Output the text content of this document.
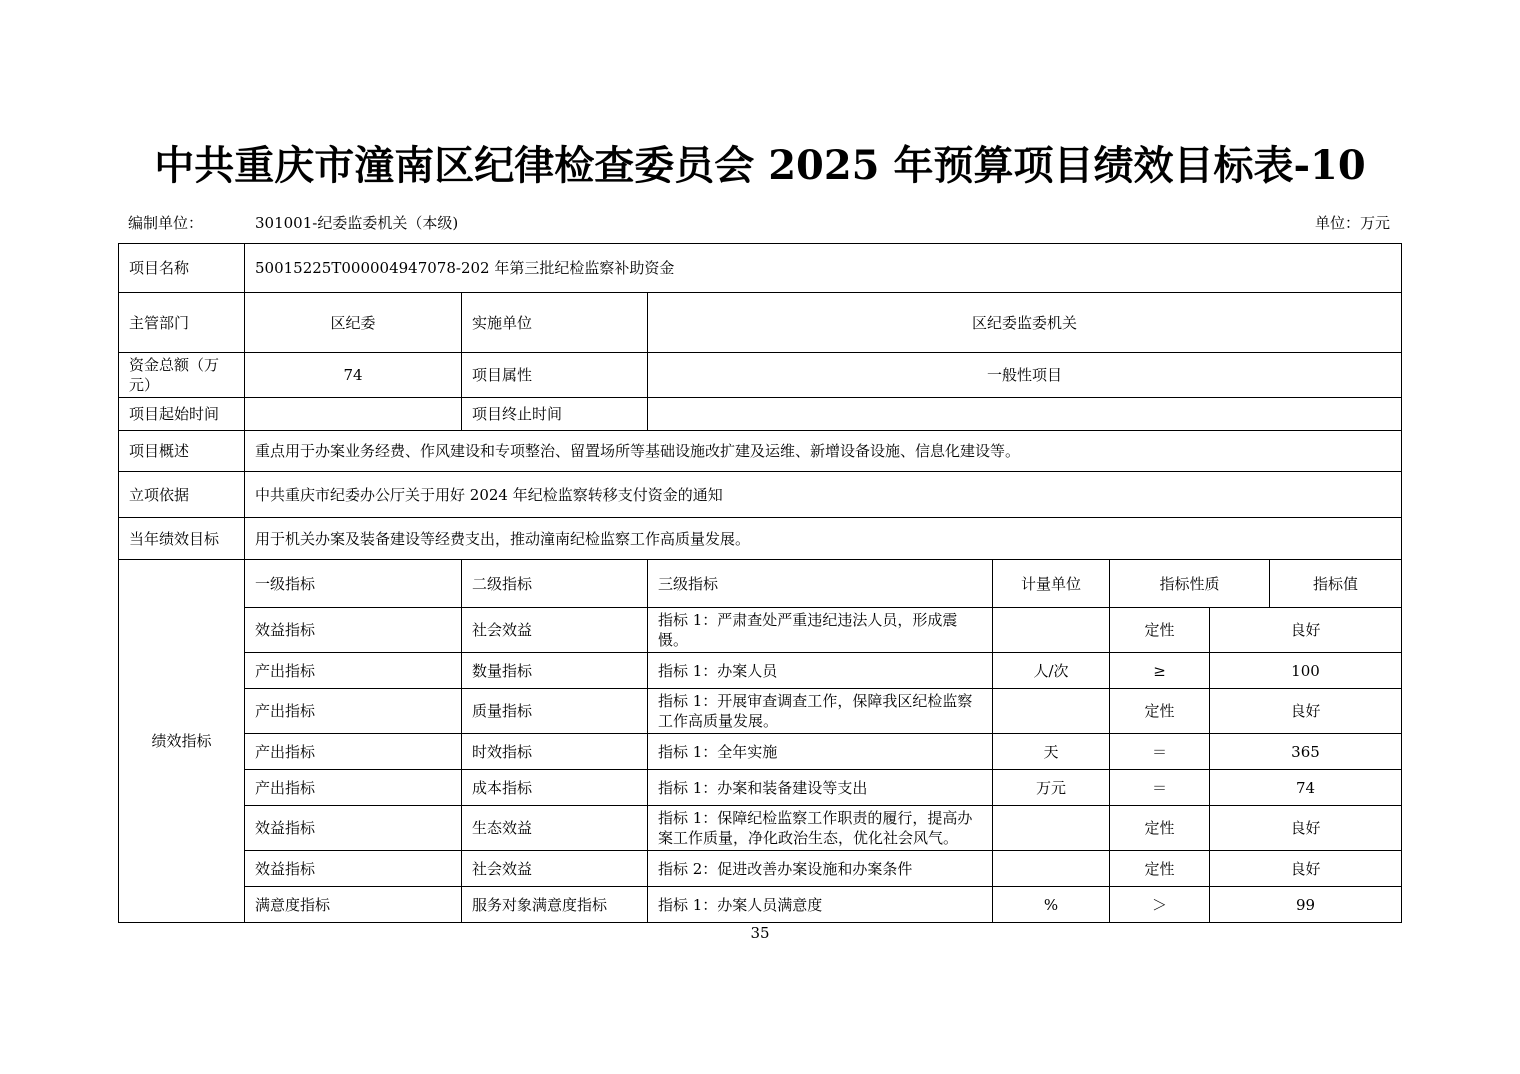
中共重庆市潼南区纪律检查委员会 2025 年预算项目绩效目标表-10
编制单位：	301001-纪委监委机关（本级)	单位：万元
项目名称	50015225T000004947078-202 年第三批纪检监察补助资金						
主管部门	区纪委	实施单位	区纪委监委机关				
资金总额（万元）	74	项目属性	一般性项目				
项目起始时间		项目终止时间					
项目概述	重点用于办案业务经费、作风建设和专项整治、留置场所等基础设施改扩建及运维、新增设备设施、信息化建设等。						
立项依据	中共重庆市纪委办公厅关于用好 2024 年纪检监察转移支付资金的通知						
当年绩效目标	用于机关办案及装备建设等经费支出，推动潼南纪检监察工作高质量发展。						
绩效指标	一级指标	二级指标	三级指标	计量单位	指标性质		指标值
	效益指标	社会效益	指标 1：严肃查处严重违纪违法人员，形成震慑。		定性	良好	
	产出指标	数量指标	指标 1：办案人员	人/次	≥	100	
	产出指标	质量指标	指标 1：开展审查调查工作，保障我区纪检监察工作高质量发展。		定性	良好	
	产出指标	时效指标	指标 1：全年实施	天	＝	365	
	产出指标	成本指标	指标 1：办案和装备建设等支出	万元	＝	74	
	效益指标	生态效益	指标 1：保障纪检监察工作职责的履行，提高办案工作质量，净化政治生态，优化社会风气。		定性	良好	
	效益指标	社会效益	指标 2：促进改善办案设施和办案条件		定性	良好	
	满意度指标	服务对象满意度指标	指标 1：办案人员满意度	%	＞	99	
35
